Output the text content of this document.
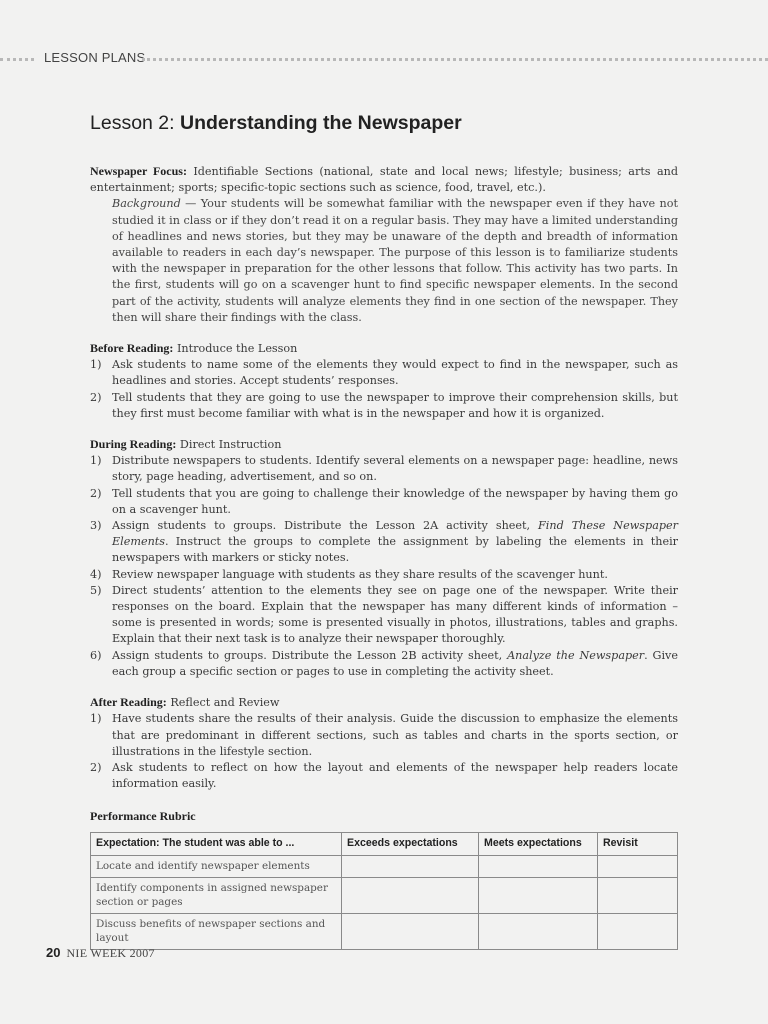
LESSON PLANS
Lesson 2: Understanding the Newspaper

Newspaper Focus: Identifiable Sections (national, state and local news; lifestyle; business; arts and entertainment; sports; specific-topic sections such as science, food, travel, etc.).

Background — Your students will be somewhat familiar with the newspaper even if they have not studied it in class or if they don’t read it on a regular basis. They may have a limited understanding of headlines and news stories, but they may be unaware of the depth and breadth of information available to readers in each day’s newspaper. The purpose of this lesson is to familiarize students with the newspaper in preparation for the other lessons that follow. This activity has two parts. In the first, students will go on a scavenger hunt to find specific newspaper elements. In the second part of the activity, students will analyze elements they find in one section of the newspaper. They then will share their findings with the class.

Before Reading: Introduce the Lesson

1) Ask students to name some of the elements they would expect to find in the newspaper, such as headlines and stories. Accept students’ responses.
2) Tell students that they are going to use the newspaper to improve their comprehension skills, but they first must become familiar with what is in the newspaper and how it is organized.

During Reading: Direct Instruction

1) Distribute newspapers to students. Identify several elements on a newspaper page: headline, news story, page heading, advertisement, and so on.
2) Tell students that you are going to challenge their knowledge of the newspaper by having them go on a scavenger hunt.
3) Assign students to groups. Distribute the Lesson 2A activity sheet, Find These Newspaper Elements. Instruct the groups to complete the assignment by labeling the elements in their newspapers with markers or sticky notes.
4) Review newspaper language with students as they share results of the scavenger hunt.
5) Direct students’ attention to the elements they see on page one of the newspaper. Write their responses on the board. Explain that the newspaper has many different kinds of information – some is presented in words; some is presented visually in photos, illustrations, tables and graphs. Explain that their next task is to analyze their newspaper thoroughly.
6) Assign students to groups. Distribute the Lesson 2B activity sheet, Analyze the Newspaper. Give each group a specific section or pages to use in completing the activity sheet.

After Reading: Reflect and Review

1) Have students share the results of their analysis. Guide the discussion to emphasize the elements that are predominant in different sections, such as tables and charts in the sports section, or illustrations in the lifestyle section.
2) Ask students to reflect on how the layout and elements of the newspaper help readers locate information easily.

Performance Rubric

Expectation: The student was able to ...	Exceeds expectations	Meets expectations	Revisit
Locate and identify newspaper elements			
Identify components in assigned newspaper section or pages			
Discuss benefits of newspaper sections and layout			
20 NIE WEEK 2007
